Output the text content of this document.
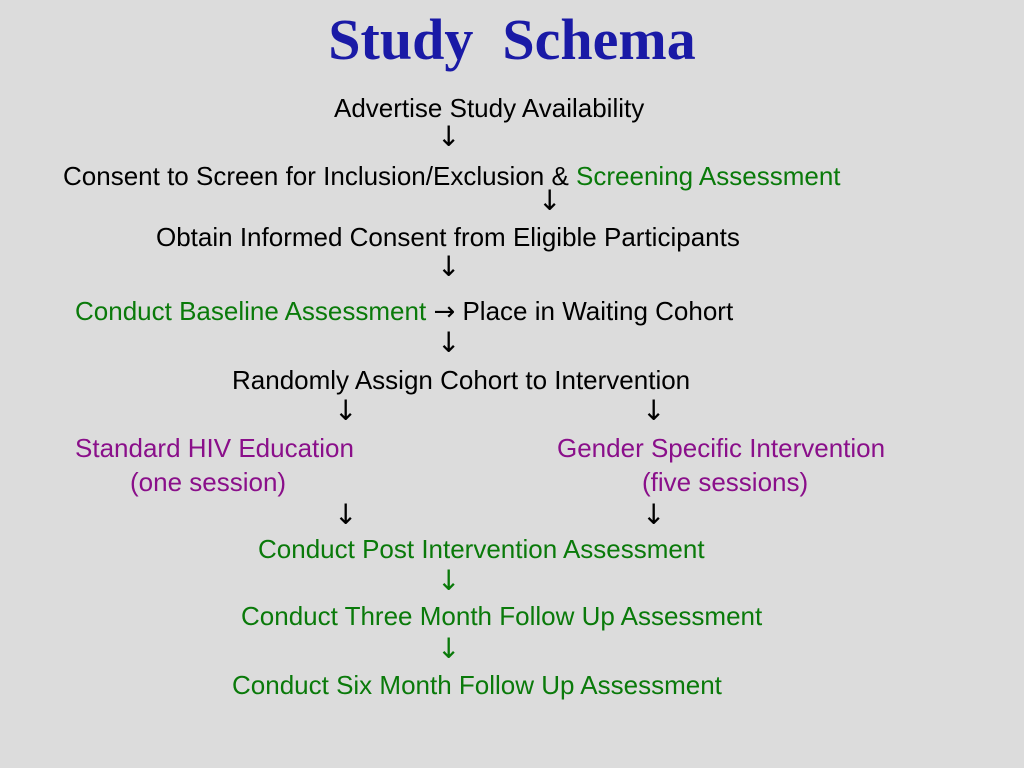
Study  Schema
Advertise Study Availability
↓
Consent to Screen for Inclusion/Exclusion & Screening Assessment
↓
Obtain Informed Consent from Eligible Participants
↓
Conduct Baseline Assessment → Place in Waiting Cohort
↓
Randomly Assign Cohort to Intervention
↓	↓
Standard HIV Education
(one session)
Gender Specific Intervention
(five sessions)
↓	↓
Conduct Post Intervention Assessment
↓
Conduct Three Month Follow Up Assessment
↓
Conduct Six Month Follow Up Assessment
